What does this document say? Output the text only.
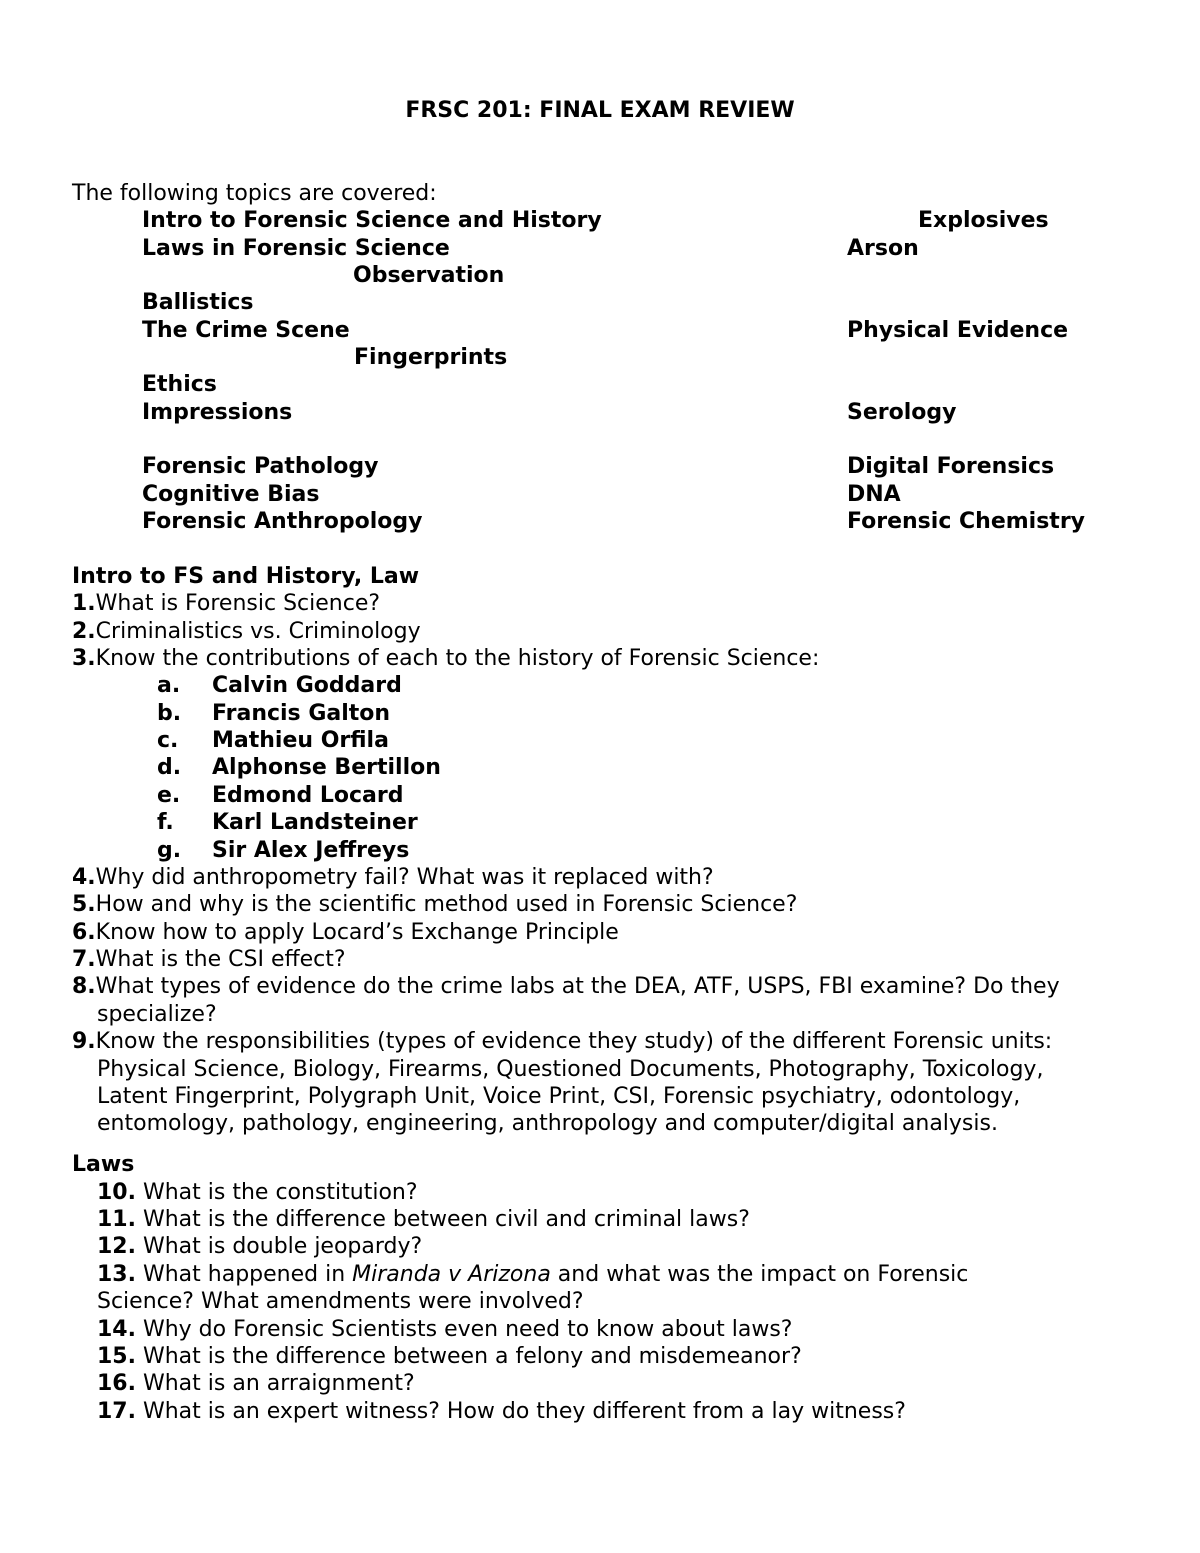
FRSC 201: FINAL EXAM REVIEW
The following topics are covered:
Intro to Forensic Science and History	Explosives
Laws in Forensic Science	Arson
Observation
Ballistics
The Crime Scene	Physical Evidence
Fingerprints
Ethics
Impressions	Serology
Forensic Pathology	Digital Forensics
Cognitive Bias	DNA
Forensic Anthropology	Forensic Chemistry
Intro to FS and History, Law
1.What is Forensic Science?
2.Criminalistics vs. Criminology
3.Know the contributions of each to the history of Forensic Science:
a. Calvin Goddard
b. Francis Galton
c. Mathieu Orfila
d. Alphonse Bertillon
e. Edmond Locard
f. Karl Landsteiner
g. Sir Alex Jeffreys
4.Why did anthropometry fail? What was it replaced with?
5.How and why is the scientific method used in Forensic Science?
6.Know how to apply Locard’s Exchange Principle
7.What is the CSI effect?
8.What types of evidence do the crime labs at the DEA, ATF, USPS, FBI examine? Do they
specialize?
9.Know the responsibilities (types of evidence they study) of the different Forensic units:
Physical Science, Biology, Firearms, Questioned Documents, Photography, Toxicology,
Latent Fingerprint, Polygraph Unit, Voice Print, CSI, Forensic psychiatry, odontology,
entomology, pathology, engineering, anthropology and computer/digital analysis.
Laws
10. What is the constitution?
11. What is the difference between civil and criminal laws?
12. What is double jeopardy?
13. What happened in Miranda v Arizona and what was the impact on Forensic
Science? What amendments were involved?
14. Why do Forensic Scientists even need to know about laws?
15. What is the difference between a felony and misdemeanor?
16. What is an arraignment?
17. What is an expert witness? How do they different from a lay witness?
